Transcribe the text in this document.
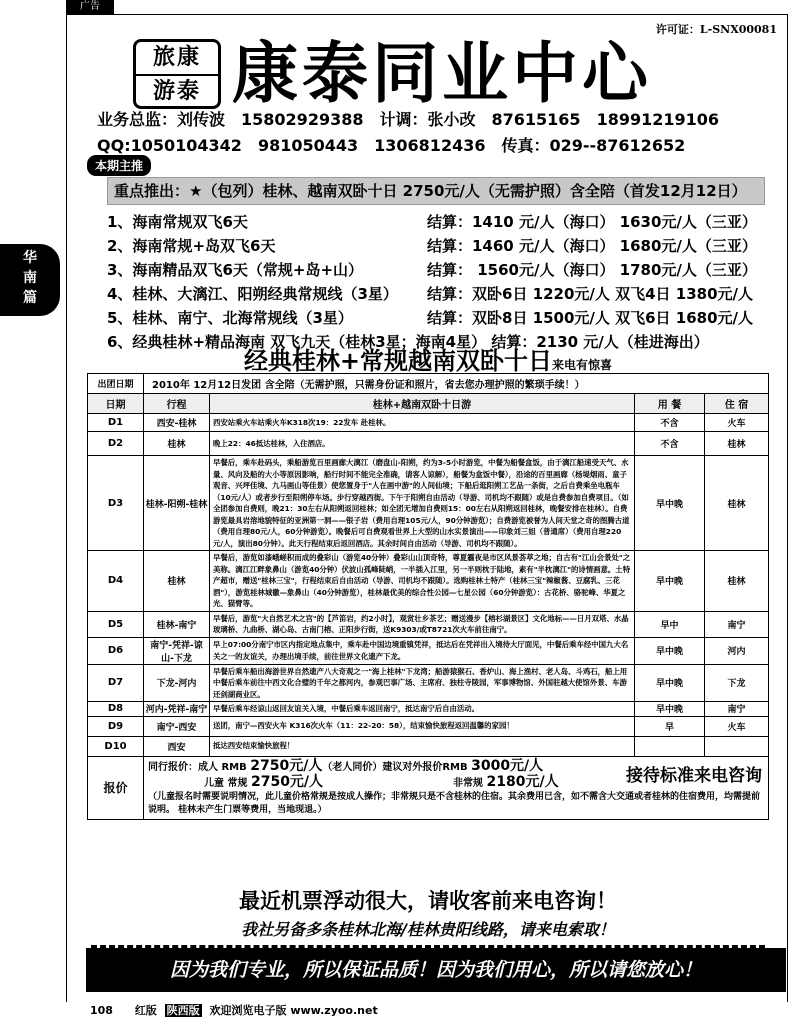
广告
华
南
篇
许可证：L-SNX00081
旅康
游泰 康泰同业中心
业务总监：刘传波 15802929388 计调：张小改 87615165 18991219106
QQ:1050104342 981050443 1306812436 传真：029--87612652
本期主推
重点推出：★（包列）桂林、越南双卧十日 2750元/人（无需护照）含全陪（首发12月12日）
1、海南常规双飞6天	结算：1410 元/人（海口） 1630元/人（三亚）
2、海南常规+岛双飞6天	结算：1460 元/人（海口） 1680元/人（三亚）
3、海南精品双飞6天（常规+岛+山）	结算： 1560元/人（海口） 1780元/人（三亚）
4、桂林、大漓江、阳朔经典常规线（3星） 结算：双卧6日 1220元/人 双飞4日 1380元/人
5、桂林、南宁、北海常规线（3星）	结算：双卧8日 1500元/人 双飞6日 1680元/人
6、经典桂林+精品海南 双飞九天（桂林3星；海南4星） 结算：2130 元/人（桂进海出）
经典桂林+常规越南双卧十日来电有惊喜
出团日期	2010年 12月12日发团 含全陪（无需护照，只需身份证和照片，省去您办理护照的繁琐手续！）			
日期	行程	桂林+越南双卧十日游	用 餐	住 宿
D1	西安-桂林	西安站乘火车站乘火车K318次19：22发车 赴桂林。	不含	火车
D2	桂林	晚上22：46抵达桂林，入住酒店。	不含	桂林
D3	桂林-阳朔-桂林	早餐后，乘车赴码头，乘船游览百里画廊大漓江（磨盘山-阳朔，约为3-5小时游览，中餐为船餐盒饭，由于漓江船速受天气、水量、风向及船的大小等原因影响，船行时间不能完全准确，请客人谅解），船餐为盒饭中餐），沿途的百里画廊（杨堤烟雨、童子观音、兴坪佳境、九马画山等佳景）使您置身于"人在画中游"的人间仙境；下船后逛阳朔工艺品一条街，之后自费乘坐电瓶车（10元/人）或者步行至阳朔停车场。步行穿越西街。下午于阳朔自由活动（导游、司机均不跟随）或是自费参加自费项目。（如全团参加自费则，晚21：30左右从阳朔返回桂林；如全团无增加自费则15：00左右从阳朔返回桂林，晚餐安排在桂林）。自费游览最具岩溶地貌特征的亚洲第一洞——银子岩（费用自理105元/人，90分钟游览）；自费游览被誉为人间天堂之奇的图腾古道（费用自理80元/人，60分钟游览）。晚餐后可自费观看世界上大型的山水实景演出——印象刘三姐（普通席）（费用自理220元/人，演出80分钟）。此天行程结束后返回酒店。其余时间自由活动（导游、司机均不跟随）。	早中晚	桂林
D4	桂林	早餐后，游览如漆峨嵯积而成的叠彩山（游览40分钟）叠彩山山顶奇特，尊夏霾夜是市区风景荟萃之地；自古有"江山会景处"之美称。漓江江畔象鼻山（游览40分钟）伏波山孤峰陡峭，一半插入江里，另一半则枕于陆地，素有"半枕漓江"的诗情画意。土特产超市，赠送"桂林三宝"，行程结束后自由活动（导游、司机均不跟随）。选购桂林土特产（桂林三宝"辣椒酱、豆腐乳、三花酒"），游览桂林城徽—象鼻山（40分钟游览），桂林最优美的综合性公园—七星公园（60分钟游览）：古花桥、骆驼峰、华夏之光、猫臂等。	早中晚	桂林
D5	桂林-南宁	早餐后，游览"大自然艺术之宫"的【芦笛岩，约2小时】，观赏壮乡茶艺；赠送漫步【榕杉湖景区】文化地标——日月双塔、水晶玻璃桥、九曲桥、湖心岛、古南门榕、正阳步行街，送K9303/或T8721次火车前往南宁。	早中	南宁
D6	南宁-凭祥-谅山-下龙	早上07:00分南宁市区内指定地点集中，乘车赴中国边境重镇凭祥，抵达后在凭祥出入境待大厅面见，中餐后乘车经中国九大名关之一的友谊关，办理出境手续，前往世界文化遗产下龙。	早中晚	河内
D7	下龙-河内	早餐后乘车船出海游世界自然遗产八大奇观之一"海上桂林"下龙湾；船游猿猴石、香炉山、海上渔村、老人岛、斗鸡石，船上用中餐后乘车前往中西文化合璧的千年之都河内，参观巴事广场、主席府、独柱寺陵园，军事博物馆、外国驻越大使馆外景、车游还剑湖商业区。	早中晚	下龙
D8	河内-凭祥-南宁	早餐后乘车经谅山返回友谊关入境，中餐后乘车返回南宁，抵达南宁后自由活动。	早中晚	南宁
D9	南宁-西安	送团，南宁—西安火车 K316次火车（11：22-20：58），结束愉快旅程返回温馨的家园！	早	火车
D10	西安	抵达西安结束愉快旅程！		
报价	同行报价：成人 RMB 2750元/人（老人同价）建议对外报价RMB 3000元/人
儿童 常规 2750元/人 非常规 2180元/人
（儿童报名时需要说明情况，此儿童价格常规是按成人操作；非常规只是不含桂林的住宿。其余费用已含，如不需含大交通或者桂林的住宿费用，均需提前说明。 桂林未产生门票等费用，当地现退。）
接待标准来电咨询			
最近机票浮动很大，请收客前来电咨询！
我社另备多条桂林北海/桂林贵阳线路，请来电索取！
因为我们专业，所以保证品质！因为我们用心，所以请您放心！
108 红版 陕西版 欢迎浏览电子版 www.zyoo.net
